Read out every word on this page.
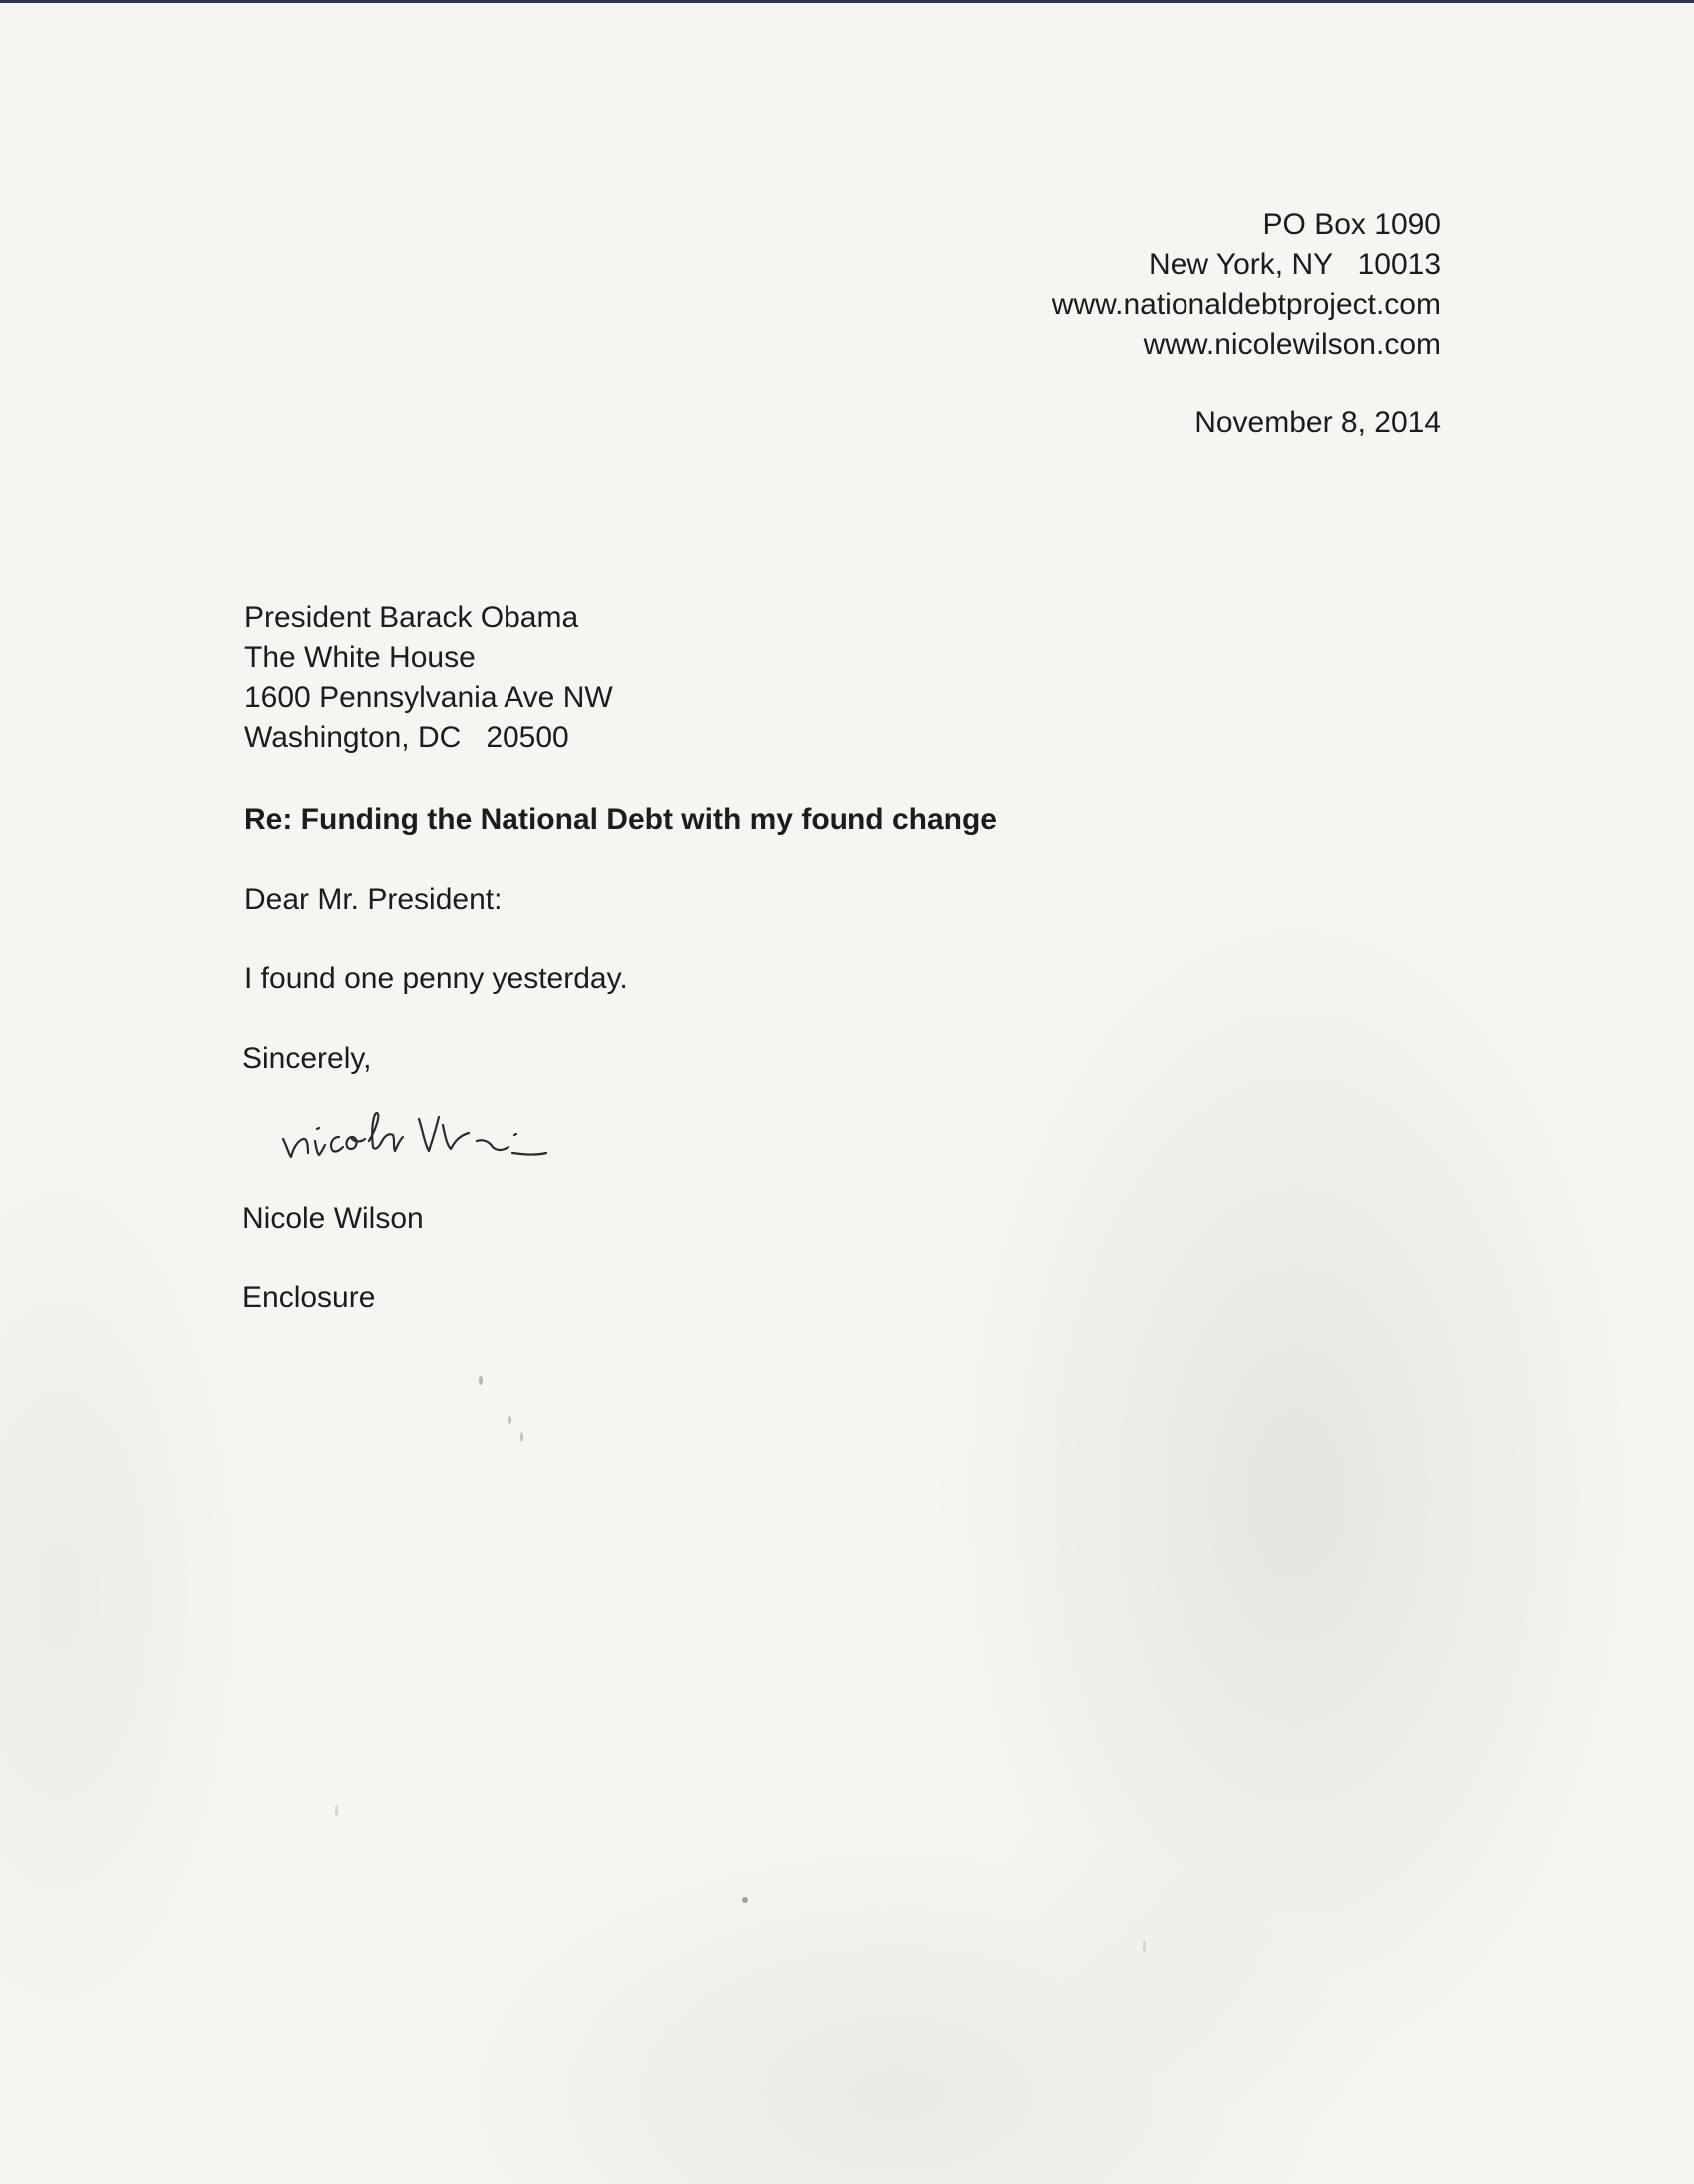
PO Box 1090
New York, NY   10013
www.nationaldebtproject.com
www.nicolewilson.com
November 8, 2014
President Barack Obama
The White House
1600 Pennsylvania Ave NW
Washington, DC   20500
Re: Funding the National Debt with my found change
Dear Mr. President:
I found one penny yesterday.
Sincerely,
Nicole Wilson
Enclosure
